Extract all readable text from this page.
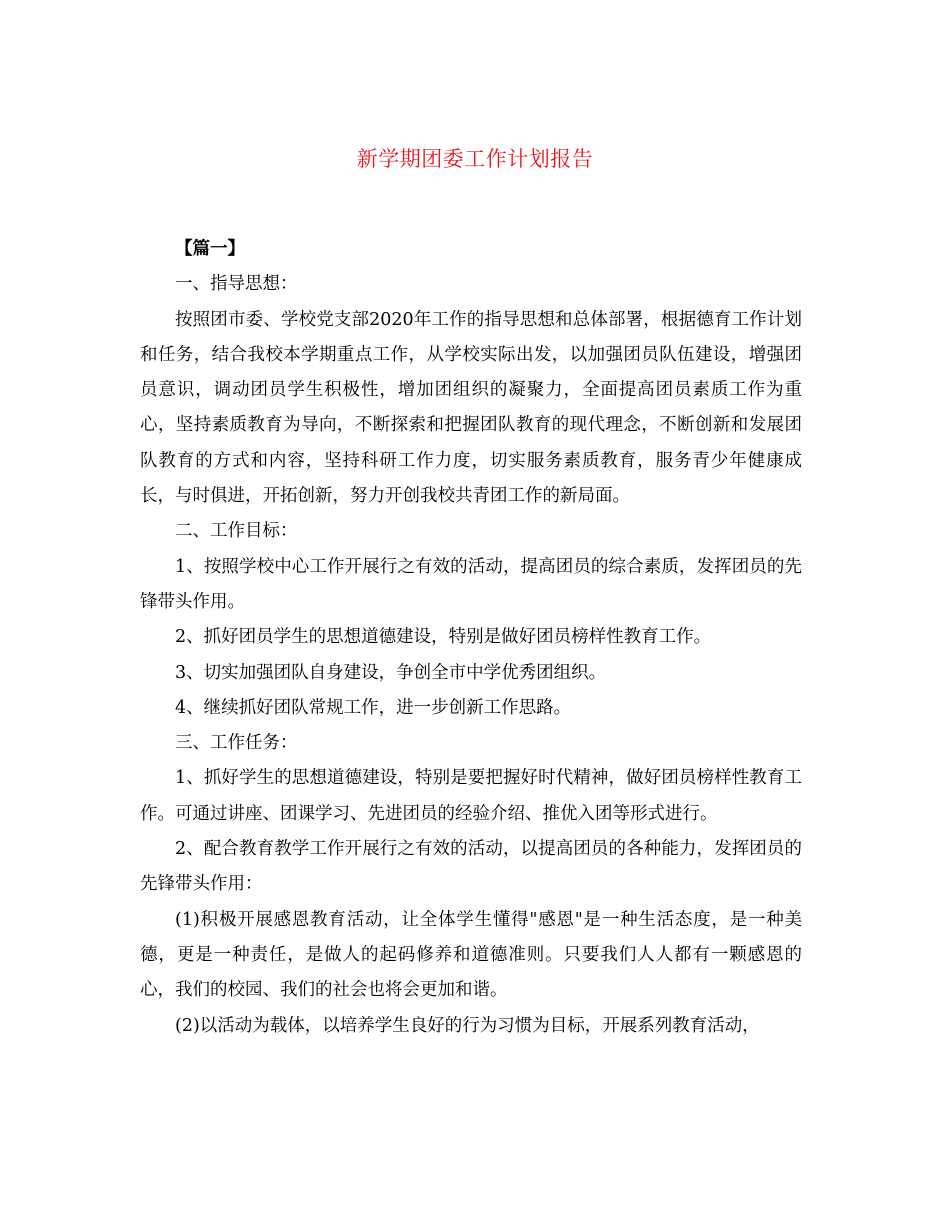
新学期团委工作计划报告

【篇一】

一、指导思想：

按照团市委、学校党支部2020年工作的指导思想和总体部署，根据德育工作计划和任务，结合我校本学期重点工作，从学校实际出发，以加强团员队伍建设，增强团员意识，调动团员学生积极性，增加团组织的凝聚力，全面提高团员素质工作为重心，坚持素质教育为导向，不断探索和把握团队教育的现代理念，不断创新和发展团队教育的方式和内容，坚持科研工作力度，切实服务素质教育，服务青少年健康成长，与时俱进，开拓创新，努力开创我校共青团工作的新局面。

二、工作目标：

1、按照学校中心工作开展行之有效的活动，提高团员的综合素质，发挥团员的先锋带头作用。

2、抓好团员学生的思想道德建设，特别是做好团员榜样性教育工作。

3、切实加强团队自身建设，争创全市中学优秀团组织。

4、继续抓好团队常规工作，进一步创新工作思路。

三、工作任务：

1、抓好学生的思想道德建设，特别是要把握好时代精神，做好团员榜样性教育工作。可通过讲座、团课学习、先进团员的经验介绍、推优入团等形式进行。

2、配合教育教学工作开展行之有效的活动，以提高团员的各种能力，发挥团员的先锋带头作用：

(1)积极开展感恩教育活动，让全体学生懂得"感恩"是一种生活态度，是一种美德，更是一种责任，是做人的起码修养和道德准则。只要我们人人都有一颗感恩的心，我们的校园、我们的社会也将会更加和谐。

(2)以活动为载体，以培养学生良好的行为习惯为目标，开展系列教育活动，
